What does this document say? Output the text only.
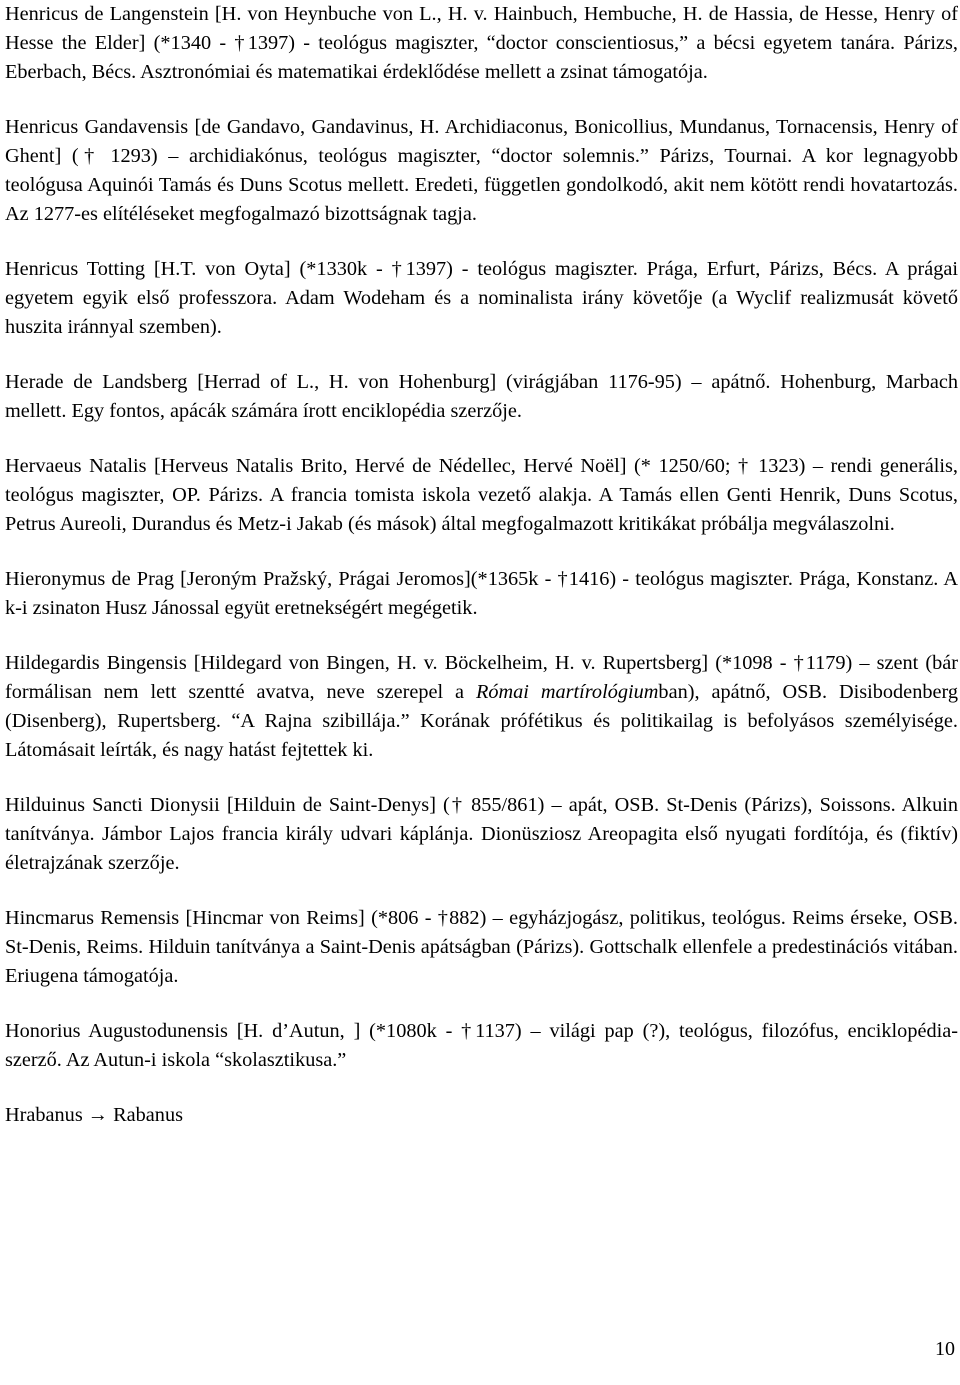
Henricus de Langenstein [H. von Heynbuche von L., H. v. Hainbuch, Hembuche, H. de Hassia, de Hesse, Henry of Hesse the Elder] (*1340 - †1397) - teológus magiszter, “doctor conscientiosus,” a bécsi egyetem tanára. Párizs, Eberbach, Bécs. Asztronómiai és matematikai érdeklődése mellett a zsinat támogatója.

Henricus Gandavensis [de Gandavo, Gandavinus, H. Archidiaconus, Bonicollius, Mundanus, Tornacensis, Henry of Ghent] († 1293) – archidiakónus, teológus magiszter, “doctor solemnis.” Párizs, Tournai. A kor legnagyobb teológusa Aquinói Tamás és Duns Scotus mellett. Eredeti, független gondolkodó, akit nem kötött rendi hovatartozás. Az 1277-es elítéléseket megfogalmazó bizottságnak tagja.

Henricus Totting [H.T. von Oyta] (*1330k - †1397) - teológus magiszter. Prága, Erfurt, Párizs, Bécs. A prágai egyetem egyik első professzora. Adam Wodeham és a nominalista irány követője (a Wyclif realizmusát követő huszita iránnyal szemben).

Herade de Landsberg [Herrad of L., H. von Hohenburg] (virágjában 1176-95) – apátnő. Hohenburg, Marbach mellett. Egy fontos, apácák számára írott enciklopédia szerzője.

Hervaeus Natalis [Herveus Natalis Brito, Hervé de Nédellec, Hervé Noël] (* 1250/60; † 1323) – rendi generális, teológus magiszter, OP. Párizs. A francia tomista iskola vezető alakja. A Tamás ellen Genti Henrik, Duns Scotus, Petrus Aureoli, Durandus és Metz-i Jakab (és mások) által megfogalmazott kritikákat próbálja megválaszolni.

Hieronymus de Prag [Jeroným Pražský, Prágai Jeromos](*1365k - †1416) - teológus magiszter. Prága, Konstanz. A k-i zsinaton Husz Jánossal együt eretnekségért megégetik.

Hildegardis Bingensis [Hildegard von Bingen, H. v. Böckelheim, H. v. Rupertsberg] (*1098 - †1179) – szent (bár formálisan nem lett szentté avatva, neve szerepel a Római martírológiumban), apátnő, OSB. Disibodenberg (Disenberg), Rupertsberg. “A Rajna szibillája.” Korának prófétikus és politikailag is befolyásos személyisége. Látomásait leírták, és nagy hatást fejtettek ki.

Hilduinus Sancti Dionysii [Hilduin de Saint-Denys] († 855/861) – apát, OSB. St-Denis (Párizs), Soissons. Alkuin tanítványa. Jámbor Lajos francia király udvari káplánja. Dionüsziosz Areopagita első nyugati fordítója, és (fiktív) életrajzának szerzője.

Hincmarus Remensis [Hincmar von Reims] (*806 - †882) – egyházjogász, politikus, teológus. Reims érseke, OSB. St-Denis, Reims. Hilduin tanítványa a Saint-Denis apátságban (Párizs). Gottschalk ellenfele a predestinációs vitában. Eriugena támogatója.

Honorius Augustodunensis [H. d’Autun, ] (*1080k - †1137) – világi pap (?), teológus, filozófus, enciklopédia-szerző. Az Autun-i iskola “skolasztikusa.”

Hrabanus → Rabanus

10
